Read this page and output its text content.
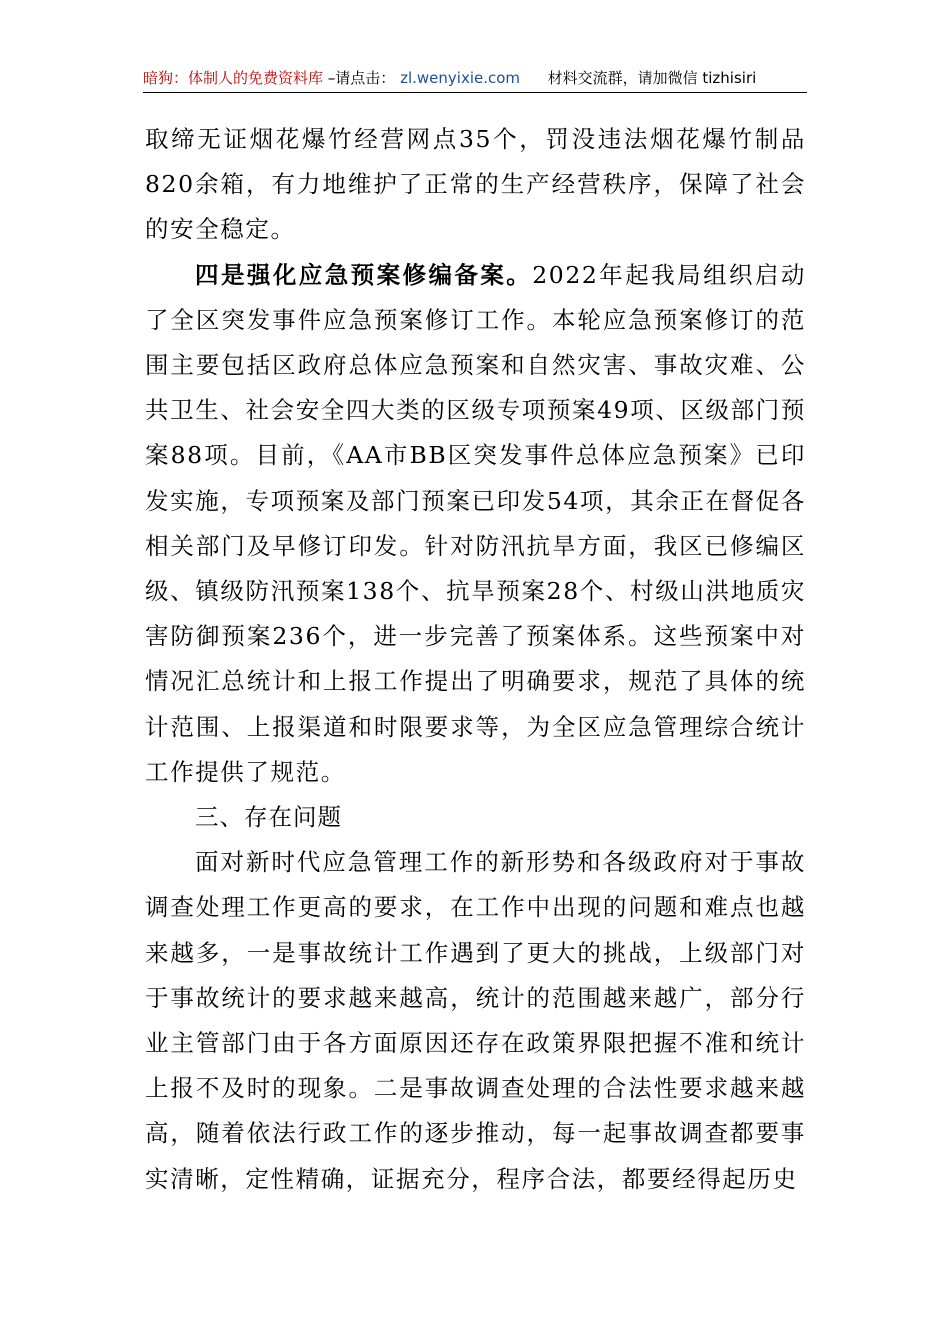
暗狗：体制人的免费资料库 –请点击： zl.wenyixie.com 材料交流群，请加微信 tizhisiri

取缔无证烟花爆竹经营网点35个，罚没违法烟花爆竹制品820余箱，有力地维护了正常的生产经营秩序，保障了社会的安全稳定。

四是强化应急预案修编备案。2022年起我局组织启动了全区突发事件应急预案修订工作。本轮应急预案修订的范围主要包括区政府总体应急预案和自然灾害、事故灾难、公共卫生、社会安全四大类的区级专项预案49项、区级部门预案88项。目前，《AA市BB区突发事件总体应急预案》已印发实施，专项预案及部门预案已印发54项，其余正在督促各相关部门及早修订印发。针对防汛抗旱方面，我区已修编区级、镇级防汛预案138个、抗旱预案28个、村级山洪地质灾害防御预案236个，进一步完善了预案体系。这些预案中对情况汇总统计和上报工作提出了明确要求，规范了具体的统计范围、上报渠道和时限要求等，为全区应急管理综合统计工作提供了规范。

三、存在问题

面对新时代应急管理工作的新形势和各级政府对于事故调查处理工作更高的要求，在工作中出现的问题和难点也越来越多，一是事故统计工作遇到了更大的挑战，上级部门对于事故统计的要求越来越高，统计的范围越来越广，部分行业主管部门由于各方面原因还存在政策界限把握不准和统计上报不及时的现象。二是事故调查处理的合法性要求越来越高，随着依法行政工作的逐步推动，每一起事故调查都要事实清晰，定性精确，证据充分，程序合法，都要经得起历史
